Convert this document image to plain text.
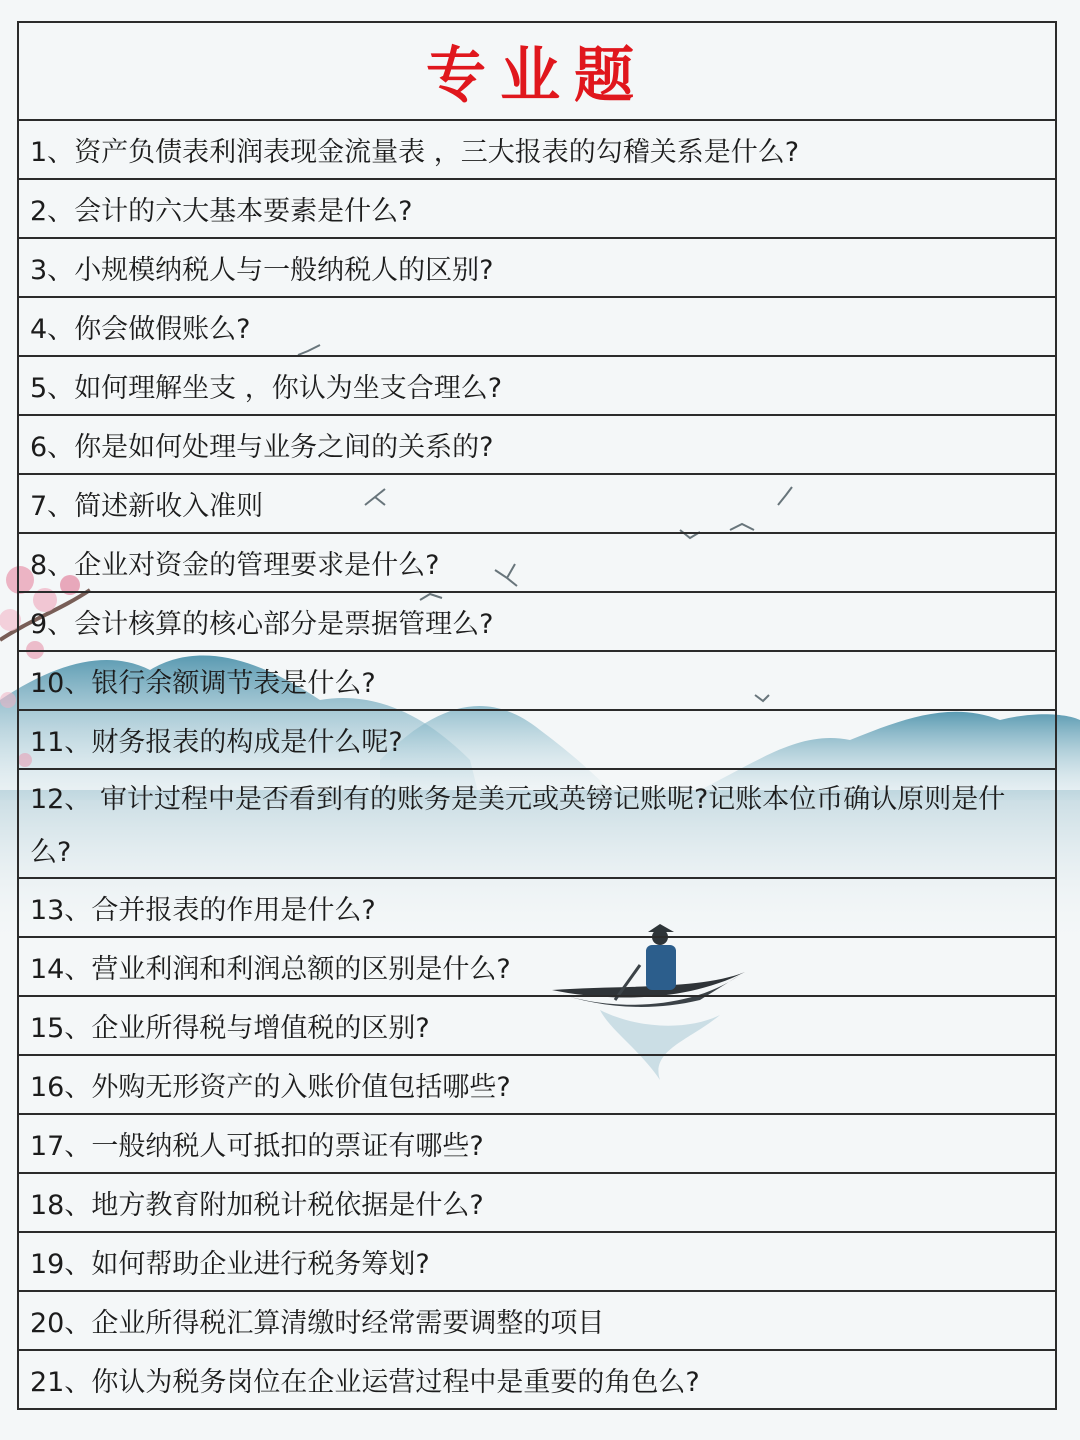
专业题
1、资产负债表利润表现金流量表 ，三大报表的勾稽关系是什么?
2、会计的六大基本要素是什么?
3、小规模纳税人与一般纳税人的区别?
4、你会做假账么?
5、如何理解坐支 ，你认为坐支合理么?
6、你是如何处理与业务之间的关系的?
7、简述新收入准则
8、企业对资金的管理要求是什么?
9、会计核算的核心部分是票据管理么?
10、银行余额调节表是什么?
11、财务报表的构成是什么呢?
12、 审计过程中是否看到有的账务是美元或英镑记账呢?记账本位币确认原则是什么?
13、合并报表的作用是什么?
14、营业利润和利润总额的区别是什么?
15、企业所得税与增值税的区别?
16、外购无形资产的入账价值包括哪些?
17、一般纳税人可抵扣的票证有哪些?
18、地方教育附加税计税依据是什么?
19、如何帮助企业进行税务筹划?
20、企业所得税汇算清缴时经常需要调整的项目
21、你认为税务岗位在企业运营过程中是重要的角色么?
